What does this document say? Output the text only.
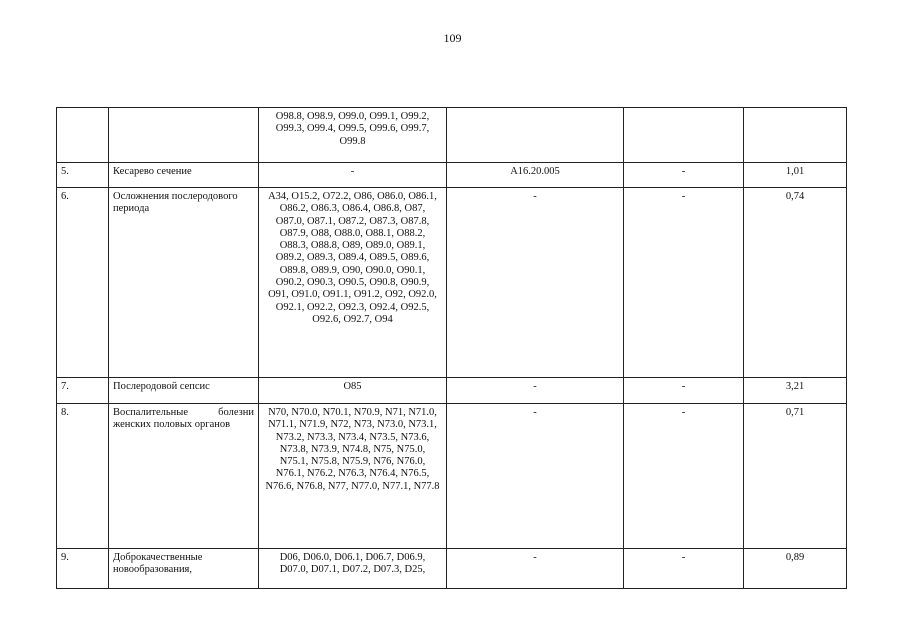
109
		O98.8, O98.9, O99.0, O99.1, O99.2, O99.3, O99.4, O99.5, O99.6, O99.7, O99.8			
5.	Кесарево сечение	-	A16.20.005	-	1,01
6.	Осложнения послеродового периода	A34, O15.2, O72.2, O86, O86.0, O86.1, O86.2, O86.3, O86.4, O86.8, O87, O87.0, O87.1, O87.2, O87.3, O87.8, O87.9, O88, O88.0, O88.1, O88.2, O88.3, O88.8, O89, O89.0, O89.1, O89.2, O89.3, O89.4, O89.5, O89.6, O89.8, O89.9, O90, O90.0, O90.1, O90.2, O90.3, O90.5, O90.8, O90.9, O91, O91.0, O91.1, O91.2, O92, O92.0, O92.1, O92.2, O92.3, O92.4, O92.5, O92.6, O92.7, O94	-	-	0,74
7.	Послеродовой сепсис	O85	-	-	3,21
8.	Воспалительные болезни женских половых органов	N70, N70.0, N70.1, N70.9, N71, N71.0, N71.1, N71.9, N72, N73, N73.0, N73.1, N73.2, N73.3, N73.4, N73.5, N73.6, N73.8, N73.9, N74.8, N75, N75.0, N75.1, N75.8, N75.9, N76, N76.0, N76.1, N76.2, N76.3, N76.4, N76.5, N76.6, N76.8, N77, N77.0, N77.1, N77.8	-	-	0,71
9.	Доброкачественные новообразования,	D06, D06.0, D06.1, D06.7, D06.9, D07.0, D07.1, D07.2, D07.3, D25,	-	-	0,89
